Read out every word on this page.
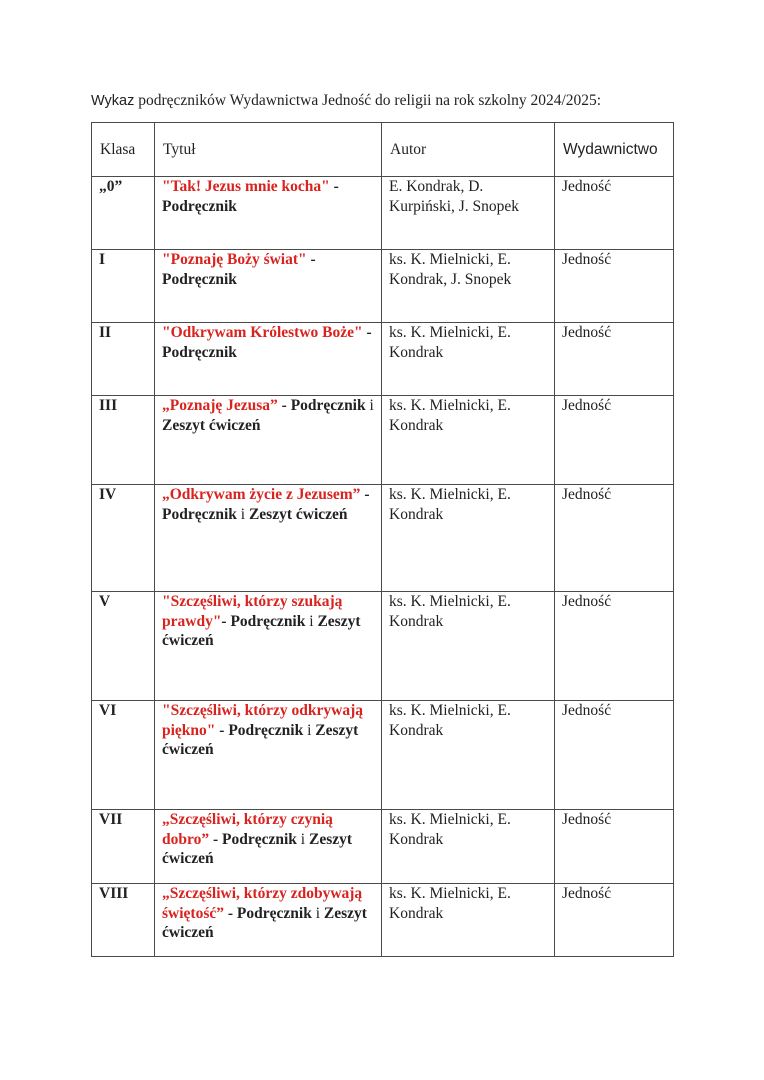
Wykaz podręczników Wydawnictwa Jedność do religii na rok szkolny 2024/2025:
Klasa	Tytuł	Autor	Wydawnictwo
„0”	"Tak! Jezus mnie kocha" - Podręcznik	E. Kondrak, D. Kurpiński, J. Snopek	Jedność
I	"Poznaję Boży świat" - Podręcznik	ks. K. Mielnicki, E. Kondrak, J. Snopek	Jedność
II	"Odkrywam Królestwo Boże" - Podręcznik	ks. K. Mielnicki, E. Kondrak	Jedność
III	„Poznaję Jezusa” - Podręcznik i Zeszyt ćwiczeń	ks. K. Mielnicki, E. Kondrak	Jedność
IV	„Odkrywam życie z Jezusem” - Podręcznik i Zeszyt ćwiczeń	ks. K. Mielnicki, E. Kondrak	Jedność
V	"Szczęśliwi, którzy szukają prawdy"- Podręcznik i Zeszyt ćwiczeń	ks. K. Mielnicki, E. Kondrak	Jedność
VI	"Szczęśliwi, którzy odkrywają piękno" - Podręcznik i Zeszyt ćwiczeń	ks. K. Mielnicki, E. Kondrak	Jedność
VII	„Szczęśliwi, którzy czynią dobro” - Podręcznik i Zeszyt ćwiczeń	ks. K. Mielnicki, E. Kondrak	Jedność
VIII	„Szczęśliwi, którzy zdobywają świętość” - Podręcznik i Zeszyt ćwiczeń	ks. K. Mielnicki, E. Kondrak	Jedność
